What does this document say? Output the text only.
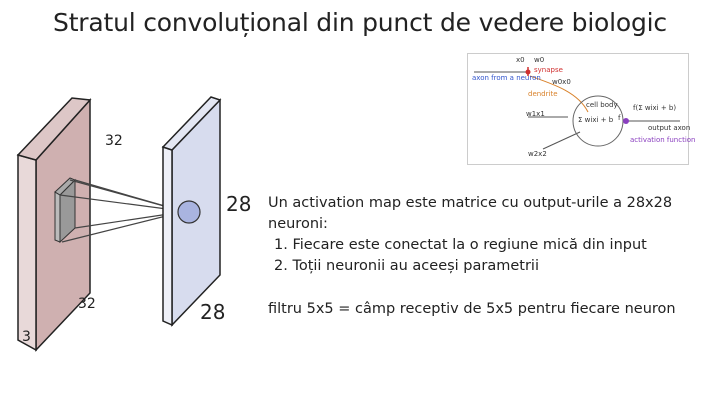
Stratul convoluțional din punct de vedere biologic
32
32
3
28
28
Un activation map este matrice cu output-urile a 28x28
neuroni:
1. Fiecare este conectat la o regiune mică din input
2. Toții neuronii au aceeși parametrii
filtru 5x5 = câmp receptiv de 5x5 pentru fiecare neuron
x0 w0
synapse
axon from a neuron w0x0
dendrite
cell body
w1x1
Σ wixi + b f
f(Σ wixi + b)
output axon
activation function
w2x2
